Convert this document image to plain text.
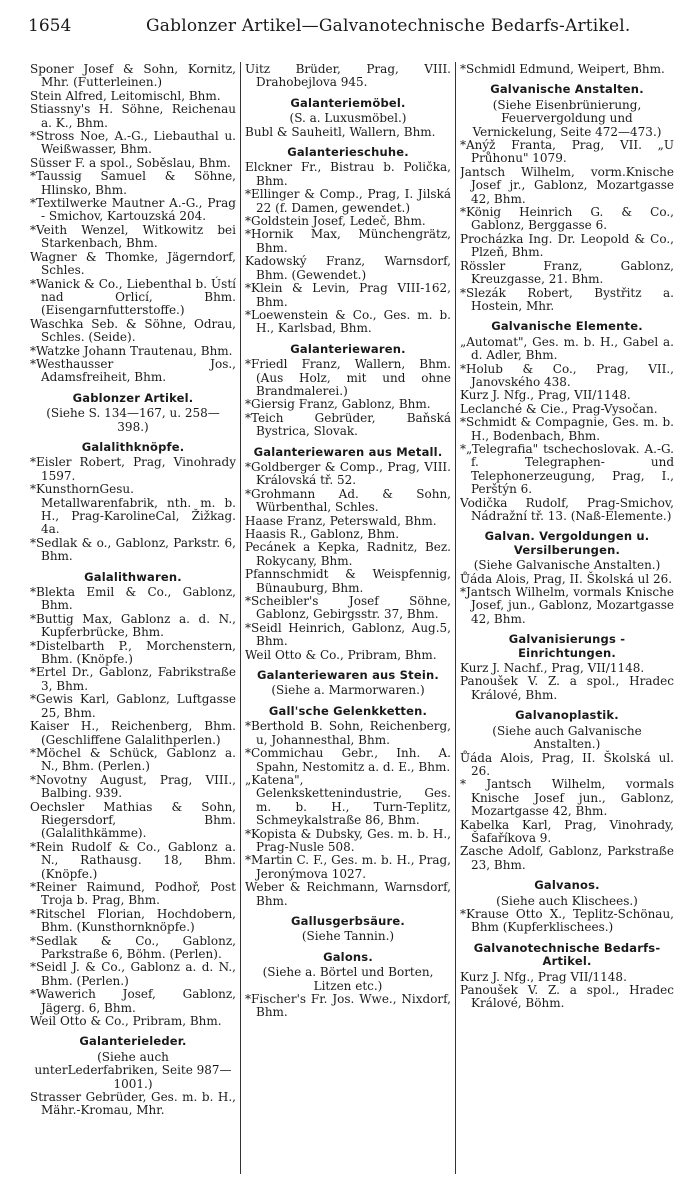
1654	Gablonzer Artikel—Galvanotechnische Bedarfs-Artikel.
Sponer Josef & Sohn, Kornitz, Mhr. (Futterleinen.)
Stein Alfred, Leitomischl, Bhm.
Stiassny's H. Söhne, Reichenau a. K., Bhm.
*Stross Noe, A.-G., Liebauthal u. Weißwasser, Bhm.
Süsser F. a spol., Soběslau, Bhm.
*Taussig Samuel & Söhne, Hlinsko, Bhm.
*Textilwerke Mautner A.-G., Prag - Smichov, Kartouzská 204.
*Veith Wenzel, Witkowitz bei Starkenbach, Bhm.
Wagner & Thomke, Jägerndorf, Schles.
*Wanick & Co., Liebenthal b. Ústí nad Orlicí, Bhm. (Eisengarnfutterstoffe.)
Waschka Seb. & Söhne, Odrau, Schles. (Seide).
*Watzke Johann Trautenau, Bhm.
*Westhausser Jos., Adamsfreiheit, Bhm.
Gablonzer Artikel.
(Siehe S. 134—167, u. 258—398.)
Galalithknöpfe.
*Eisler Robert, Prag, Vinohrady 1597.
*KunsthornGesu. Metallwarenfabrik, nth. m. b. H., Prag-KarolineCal, Žižkag. 4a.
*Sedlak & o., Gablonz, Parkstr. 6, Bhm.
Galalithwaren.
*Blekta Emil & Co., Gablonz, Bhm.
*Buttig Max, Gablonz a. d. N., Kupferbrücke, Bhm.
*Distelbarth P., Morchenstern, Bhm. (Knöpfe.)
*Ertel Dr., Gablonz, Fabrikstraße 3, Bhm.
*Gewis Karl, Gablonz, Luftgasse 25, Bhm.
Kaiser H., Reichenberg, Bhm. (Geschliffene Galalithperlen.)
*Möchel & Schück, Gablonz a. N., Bhm. (Perlen.)
*Novotny August, Prag, VIII., Balbing. 939.
Oechsler Mathias & Sohn, Riegersdorf, Bhm. (Galalithkämme).
*Rein Rudolf & Co., Gablonz a. N., Rathausg. 18, Bhm. (Knöpfe.)
*Reiner Raimund, Podhoř, Post Troja b. Prag, Bhm.
*Ritschel Florian, Hochdobern, Bhm. (Kunsthornknöpfe.)
*Sedlak & Co., Gablonz, Parkstraße 6, Böhm. (Perlen).
*Seidl J. & Co., Gablonz a. d. N., Bhm. (Perlen.)
*Wawerich Josef, Gablonz, Jägerg. 6, Bhm.
Weil Otto & Co., Pribram, Bhm.
Galanterieleder.
(Siehe auch unterLederfabriken, Seite 987—1001.)
Strasser Gebrüder, Ges. m. b. H., Mähr.-Kromau, Mhr.
Uitz Brüder, Prag, VIII. Drahobejlova 945.
Galanteriemöbel.
(S. a. Luxusmöbel.)
Bubl & Sauheitl, Wallern, Bhm.
Galanterieschuhe.
Elckner Fr., Bistrau b. Polička, Bhm.
*Ellinger & Comp., Prag, I. Jilská 22 (f. Damen, gewendet.)
*Goldstein Josef, Ledeč, Bhm.
*Hornik Max, Münchengrätz, Bhm.
Kadowský Franz, Warnsdorf, Bhm. (Gewendet.)
*Klein & Levin, Prag VIII-162, Bhm.
*Loewenstein & Co., Ges. m. b. H., Karlsbad, Bhm.
Galanteriewaren.
*Friedl Franz, Wallern, Bhm. (Aus Holz, mit und ohne Brandmalerei.)
*Giersig Franz, Gablonz, Bhm.
*Teich Gebrüder, Baňská Bystrica, Slovak.
Galanteriewaren aus Metall.
*Goldberger & Comp., Prag, VIII. Královská tř. 52.
*Grohmann Ad. & Sohn, Würbenthal, Schles.
Haase Franz, Peterswald, Bhm.
Haasis R., Gablonz, Bhm.
Pecánek a Kepka, Radnitz, Bez. Rokycany, Bhm.
Pfannschmidt & Weispfennig, Bünauburg, Bhm.
*Scheibler's Josef Söhne, Gablonz, Gebirgsstr. 37, Bhm.
*Seidl Heinrich, Gablonz, Aug.5, Bhm.
Weil Otto & Co., Pribram, Bhm.
Galanteriewaren aus Stein.
(Siehe a. Marmorwaren.)
Gall'sche Gelenkketten.
*Berthold B. Sohn, Reichenberg, u, Johannesthal, Bhm.
*Commichau Gebr., Inh. A. Spahn, Nestomitz a. d. E., Bhm.
„Katena", Gelenkskettenindustrie, Ges. m. b. H., Turn-Teplitz, Schmeykalstraße 86, Bhm.
*Kopista & Dubsky, Ges. m. b. H., Prag-Nusle 508.
*Martin C. F., Ges. m. b. H., Prag, Jeronýmova 1027.
Weber & Reichmann, Warnsdorf, Bhm.
Gallusgerbsäure.
(Siehe Tannin.)
Galons.
(Siehe a. Börtel und Borten, Litzen etc.)
*Fischer's Fr. Jos. Wwe., Nixdorf, Bhm.
*Schmidl Edmund, Weipert, Bhm.
Galvanische Anstalten.
(Siehe Eisenbrünierung, Feuervergoldung und Vernickelung, Seite 472—473.)
*Anýž Franta, Prag, VII. „U Průhonu" 1079.
Jantsch Wilhelm, vorm.Knische Josef jr., Gablonz, Mozartgasse 42, Bhm.
*König Heinrich G. & Co., Gablonz, Berggasse 6.
Procházka Ing. Dr. Leopold & Co., Plzeň, Bhm.
Rössler Franz, Gablonz, Kreuzgasse, 21. Bhm.
*Slezák Robert, Bystřitz a. Hostein, Mhr.
Galvanische Elemente.
„Automat", Ges. m. b. H., Gabel a. d. Adler, Bhm.
*Holub & Co., Prag, VII., Janovského 438.
Kurz J. Nfg., Prag, VII/1148.
Leclanché & Cie., Prag-Vysočan.
*Schmidt & Compagnie, Ges. m. b. H., Bodenbach, Bhm.
*„Telegrafia" tschechoslovak. A.-G. f. Telegraphen- und Telephonerzeugung, Prag, I., Perštýn 6.
Vodička Rudolf, Prag-Smichov, Nádražní tř. 13. (Naß-Elemente.)
Galvan. Vergoldungen u. Versilberungen.
(Siehe Galvanische Anstalten.)
Ůáda Alois, Prag, II. Školská ul 26.
*Jantsch Wilhelm, vormals Knische Josef, jun., Gablonz, Mozartgasse 42, Bhm.
Galvanisierungs - Einrichtungen.
Kurz J. Nachf., Prag, VII/1148.
Panoušek V. Z. a spol., Hradec Králové, Bhm.
Galvanoplastik.
(Siehe auch Galvanische Anstalten.)
Ůáda Alois, Prag, II. Školská ul. 26.
* Jantsch Wilhelm, vormals Knische Josef jun., Gablonz, Mozartgasse 42, Bhm.
Kabelka Karl, Prag, Vinohrady, Šafaříkova 9.
Zasche Adolf, Gablonz, Parkstraße 23, Bhm.
Galvanos.
(Siehe auch Klischees.)
*Krause Otto X., Teplitz-Schönau, Bhm (Kupferklischees.)
Galvanotechnische Bedarfs-Artikel.
Kurz J. Nfg., Prag VII/1148.
Panoušek V. Z. a spol., Hradec Králové, Böhm.
